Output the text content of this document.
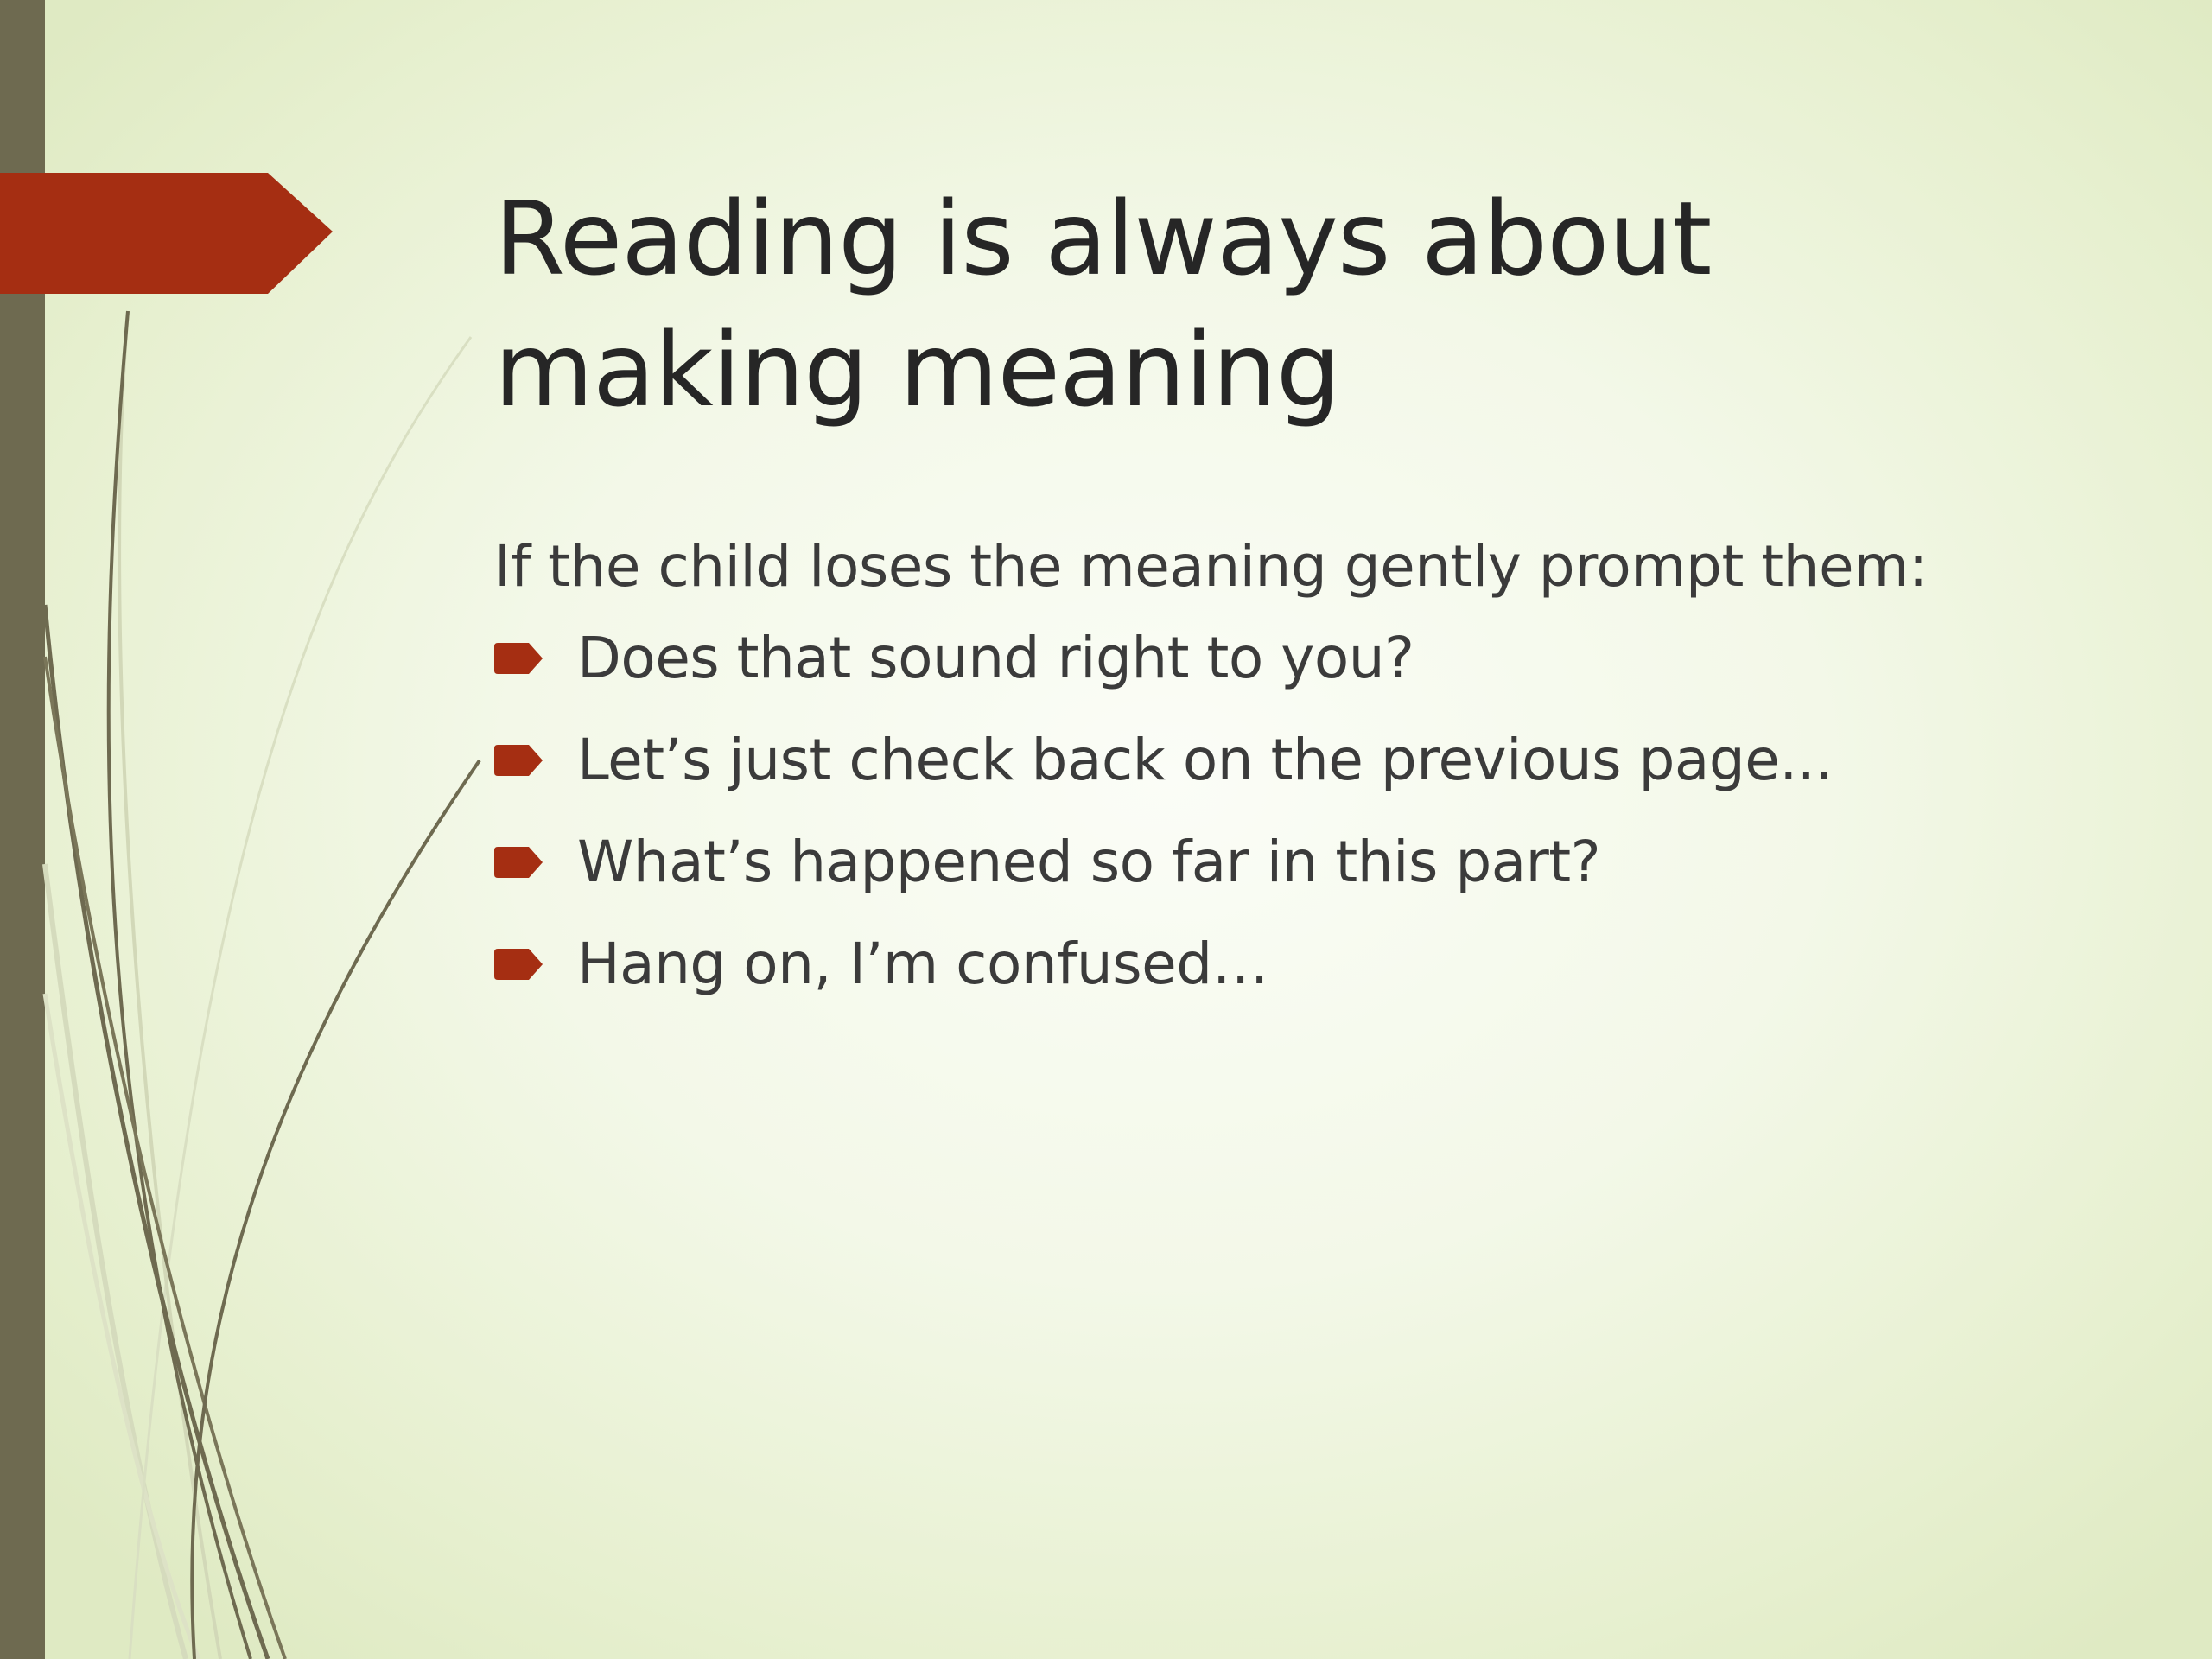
Reading is always about making meaning

If the child loses the meaning gently prompt them:

Does that sound right to you?
Let’s just check back on the previous page...
What’s happened so far in this part?
Hang on, I’m confused…
